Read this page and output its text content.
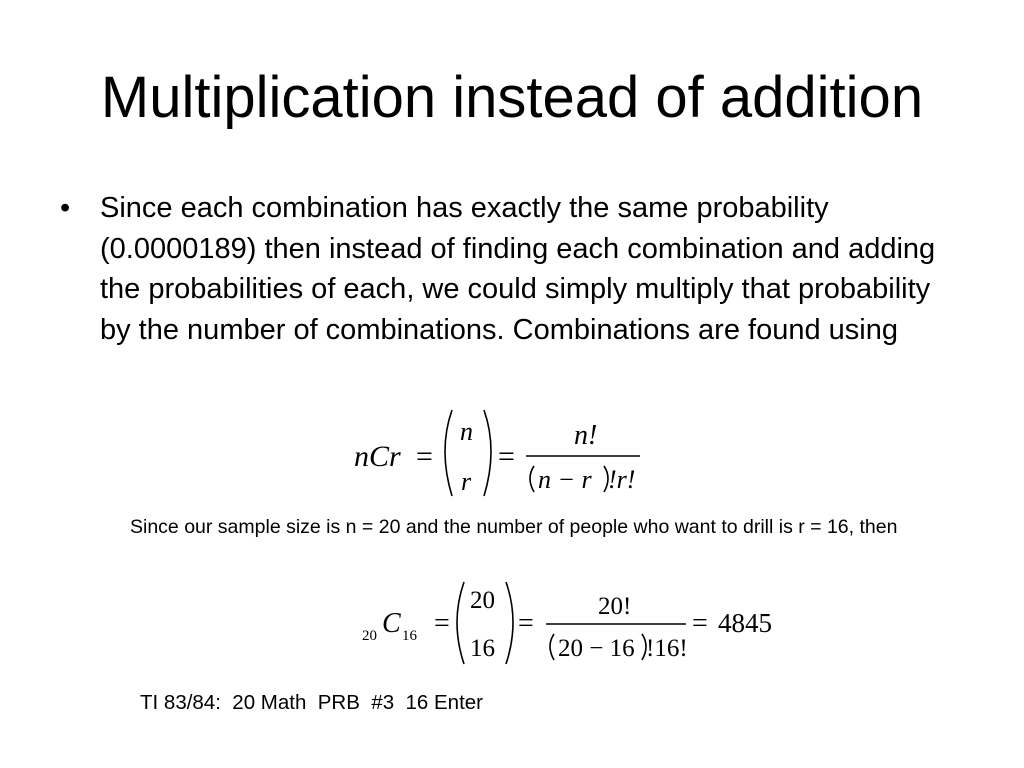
Multiplication instead of addition
•	Since each combination has exactly the same probability (0.0000189) then instead of finding each combination and adding the probabilities of each, we could simply multiply that probability by the number of combinations. Combinations are found using
nCr =
n
r
=
n!
n − r !r!
Since our sample size is n = 20 and the number of people who want to drill is r = 16, then
20 C 16 =
20
16
=
20!
20 − 16 !16!
= 4845
TI 83/84:  20 Math  PRB  #3  16 Enter
